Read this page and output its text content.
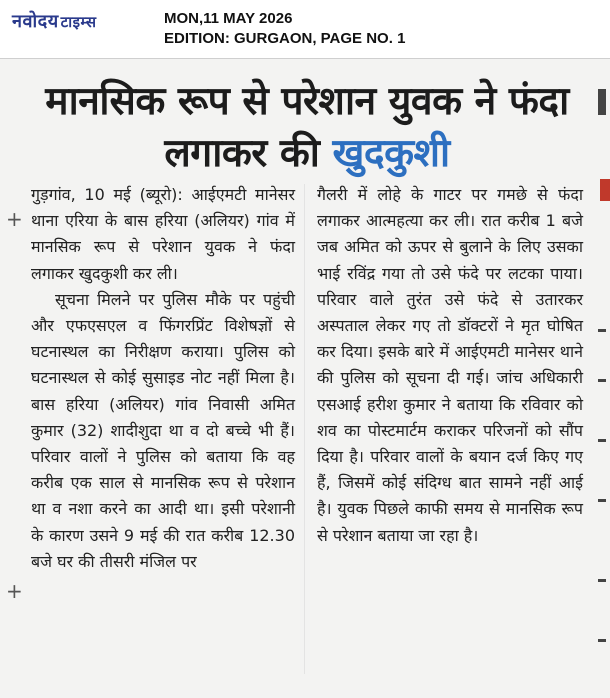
नवोदय टाइम्स	MON,11 MAY 2026
EDITION: GURGAON, PAGE NO. 1
मानसिक रूप से परेशान युवक ने फंदा लगाकर की खुदकुशी

गुड़गांव, 10 मई (ब्यूरो): आईएमटी मानेसर थाना एरिया के बास हरिया (अलियर) गांव में मानसिक रूप से परेशान युवक ने फंदा लगाकर खुदकुशी कर ली।

सूचना मिलने पर पुलिस मौके पर पहुंची और एफएसएल व फिंगरप्रिंट विशेषज्ञों से घटनास्थल का निरीक्षण कराया। पुलिस को घटनास्थल से कोई सुसाइड नोट नहीं मिला है। बास हरिया (अलियर) गांव निवासी अमित कुमार (32) शादीशुदा था व दो बच्चे भी हैं। परिवार वालों ने पुलिस को बताया कि वह करीब एक साल से मानसिक रूप से परेशान था व नशा करने का आदी था। इसी परेशानी के कारण उसने 9 मई की रात करीब 12.30 बजे घर की तीसरी मंजिल पर

गैलरी में लोहे के गाटर पर गमछे से फंदा लगाकर आत्महत्या कर ली। रात करीब 1 बजे जब अमित को ऊपर से बुलाने के लिए उसका भाई रविंद्र गया तो उसे फंदे पर लटका पाया। परिवार वाले तुरंत उसे फंदे से उतारकर अस्पताल लेकर गए तो डॉक्टरों ने मृत घोषित कर दिया। इसके बारे में आईएमटी मानेसर थाने की पुलिस को सूचना दी गई। जांच अधिकारी एसआई हरीश कुमार ने बताया कि रविवार को शव का पोस्टमार्टम कराकर परिजनों को सौंप दिया है। परिवार वालों के बयान दर्ज किए गए हैं, जिसमें कोई संदिग्ध बात सामने नहीं आई है। युवक पिछले काफी समय से मानसिक रूप से परेशान बताया जा रहा है।

+
+
